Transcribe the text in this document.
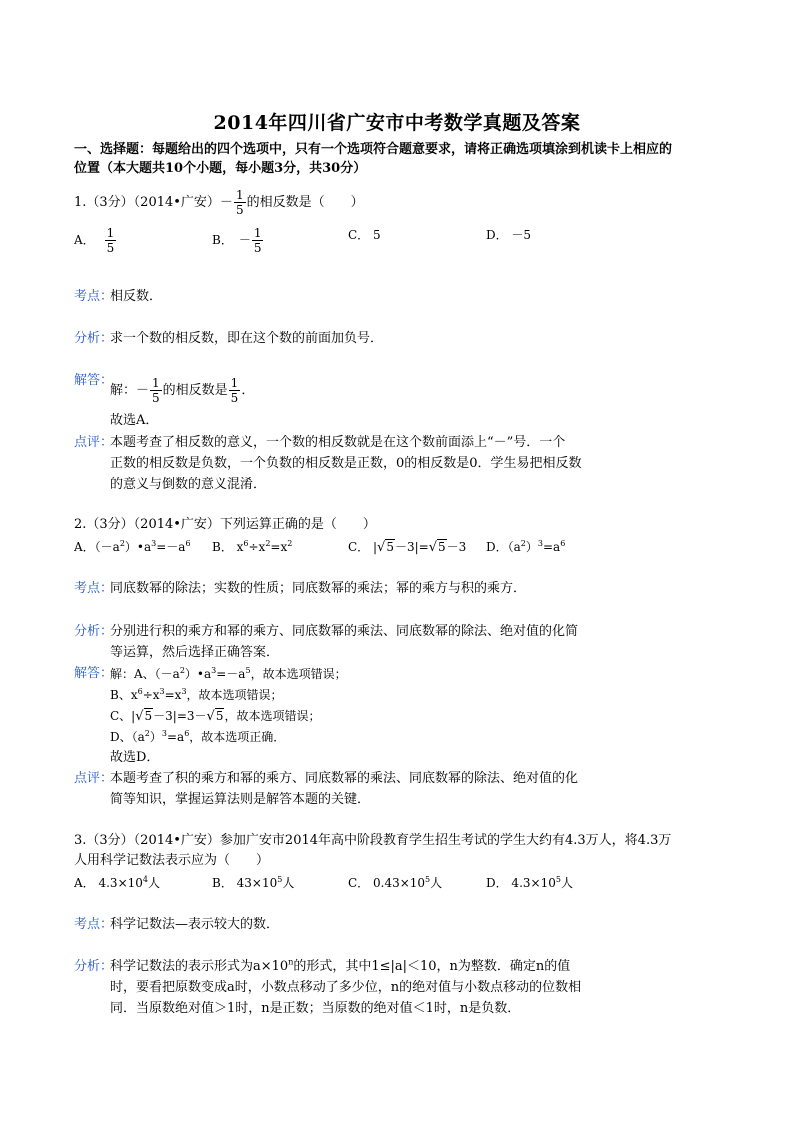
2014年四川省广安市中考数学真题及答案
一、选择题：每题给出的四个选项中，只有一个选项符合题意要求，请将正确选项填涂到机读卡上相应的
位置（本大题共10个小题，每小题3分，共30分）
1.（3分）（2014•广安）－ $\frac{1}{5}$ 的相反数是（　　）
A． $\frac{1}{5}$	B． － $\frac{1}{5}$	C． 5	D． －5
考点：
相反数．
分析：
求一个数的相反数，即在这个数的前面加负号．
解答：
解：－ $\frac{1}{5}$ 的相反数是 $\frac{1}{5}$ ．
故选A．
点评：
本题考查了相反数的意义，一个数的相反数就是在这个数前面添上“－”号．一个
正数的相反数是负数，一个负数的相反数是正数，0的相反数是0．学生易把相反数
的意义与倒数的意义混淆．
2.（3分）（2014•广安）下列运算正确的是（　　）
A．$(-a^2)•a^3=-a^6$ B． $x^6\div x^2=x^2$	C． |√5－3|=√5－3 D．$(a^2)^3=a^6$
考点：
同底数幂的除法；实数的性质；同底数幂的乘法；幂的乘方与积的乘方．
分析：
分别进行积的乘方和幂的乘方、同底数幂的乘法、同底数幂的除法、绝对值的化简
等运算，然后选择正确答案．
解答：
解：A、$(-a^2)•a^3=-a^5$，故本选项错误；
B、$x^6\div x^3=x^3$，故本选项错误；
C、|√5－3|=3－√5，故本选项错误；
D、$(a^2)^3=a^6$，故本选项正确．
故选D．
点评：
本题考查了积的乘方和幂的乘方、同底数幂的乘法、同底数幂的除法、绝对值的化
简等知识，掌握运算法则是解答本题的关键．
3.（3分）（2014•广安）参加广安市2014年高中阶段教育学生招生考试的学生大约有4.3万人，将4.3万
人用科学记数法表示应为（　　）
A． $4.3\times 10^4$人	B． $43\times 10^5$人	C． $0.43\times 10^5$人	D． $4.3\times 10^5$人
考点：
科学记数法—表示较大的数．
分析：
科学记数法的表示形式为$a\times 10^n$的形式，其中1≤|a|＜10，n为整数．确定n的值
时，要看把原数变成a时，小数点移动了多少位，n的绝对值与小数点移动的位数相
同．当原数绝对值＞1时，n是正数；当原数的绝对值＜1时，n是负数．
